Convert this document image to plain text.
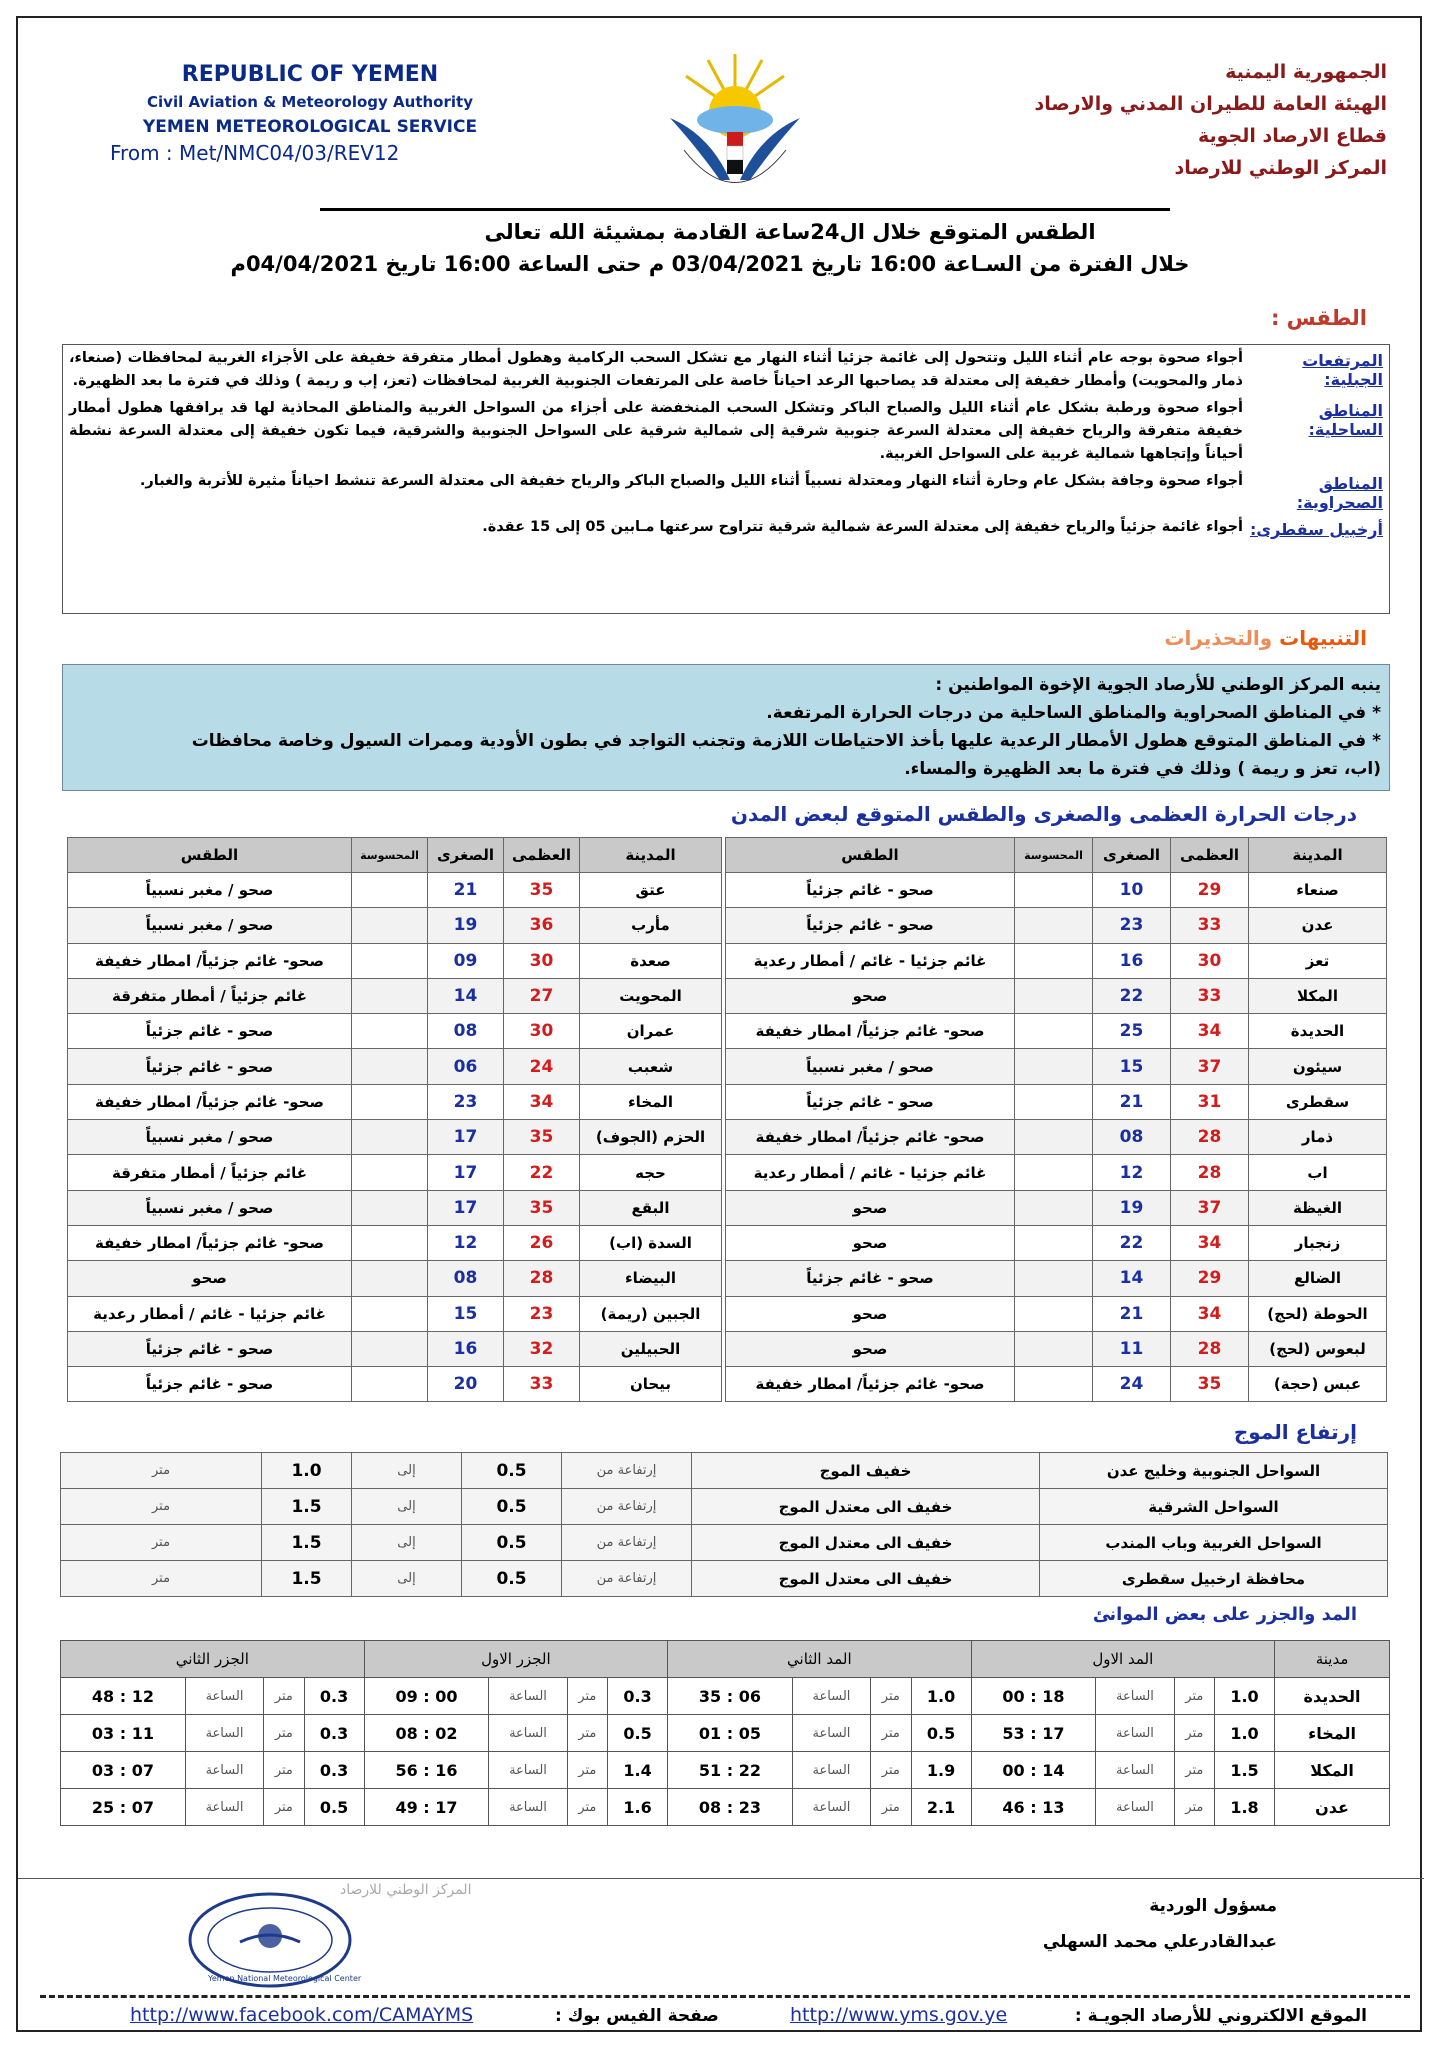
REPUBLIC OF YEMEN
Civil Aviation & Meteorology Authority
YEMEN METEOROLOGICAL SERVICE
From : Met/NMC04/03/REV12
الجمهورية اليمنية
الهيئة العامة للطيران المدني والارصاد
قطاع الارصاد الجوية
المركز الوطني للارصاد
الطقس المتوقع خلال ال24ساعة القادمة بمشيئة الله تعالى
خلال الفترة من السـاعة 16:00 تاريخ 03/04/2021 م حتى الساعة 16:00 تاريخ 04/04/2021م
الطقس :
المرتفعات الجبلية:
أجواء صحوة بوجه عام أثناء الليل وتتحول إلى غائمة جزئيا أثناء النهار مع تشكل السحب الركامية وهطول أمطار متفرقة خفيفة على الأجزاء الغربية لمحافظات (صنعاء، ذمار والمحويت) وأمطار خفيفة إلى معتدلة قد يصاحبها الرعد احياناً خاصة على المرتفعات الجنوبية الغربية لمحافظات (تعز، إب و ريمة ) وذلك في فترة ما بعد الظهيرة.
المناطق الساحلية:
أجواء صحوة ورطبة بشكل عام أثناء الليل والصباح الباكر وتشكل السحب المنخفضة على أجزاء من السواحل الغربية والمناطق المحاذية لها قد يرافقها هطول أمطار خفيفة متفرقة والرياح خفيفة إلى معتدلة السرعة جنوبية شرقية إلى شمالية شرقية على السواحل الجنوبية والشرقية، فيما تكون خفيفة إلى معتدلة السرعة نشطة أحياناً وإتجاهها شمالية غربية على السواحل الغربية.
المناطق الصحراوية:
أجواء صحوة وجافة بشكل عام وحارة أثناء النهار ومعتدلة نسبياً أثناء الليل والصباح الباكر والرياح خفيفة الى معتدلة السرعة تنشط احياناً مثيرة للأتربة والغبار.
أرخبيل سقطرى:
أجواء غائمة جزئياً والرياح خفيفة إلى معتدلة السرعة شمالية شرقية تتراوح سرعتها مـابين 05 إلى 15 عقدة.
التنبيهات والتحذيرات
ينبه المركز الوطني للأرصاد الجوية الإخوة المواطنين :
* في المناطق الصحراوية والمناطق الساحلية من درجات الحرارة المرتفعة.
* في المناطق المتوقع هطول الأمطار الرعدية عليها بأخذ الاحتياطات اللازمة وتجنب التواجد في بطون الأودية وممرات السيول وخاصة محافظات
(اب، تعز و ريمة ) وذلك في فترة ما بعد الظهيرة والمساء.
درجات الحرارة العظمى والصغرى والطقس المتوقع لبعض المدن
المدينة	العظمى	الصغرى	المحسوسة	الطقس
صنعاء	29	10		صحو - غائم جزئياً
عدن	33	23		صحو - غائم جزئياً
تعز	30	16		غائم جزئيا - غائم / أمطار رعدية
المكلا	33	22		صحو
الحديدة	34	25		صحو- غائم جزئياً/ امطار خفيفة
سيئون	37	15		صحو / مغبر نسبياً
سقطرى	31	21		صحو - غائم جزئياً
ذمار	28	08		صحو- غائم جزئياً/ امطار خفيفة
اب	28	12		غائم جزئيا - غائم / أمطار رعدية
الغيظة	37	19		صحو
زنجبار	34	22		صحو
الضالع	29	14		صحو - غائم جزئياً
الحوطة (لحج)	34	21		صحو
لبعوس (لحج)	28	11		صحو
عبس (حجة)	35	24		صحو- غائم جزئياً/ امطار خفيفة
المدينة	العظمى	الصغرى	المحسوسة	الطقس
عتق	35	21		صحو / مغبر نسبياً
مأرب	36	19		صحو / مغبر نسبياً
صعدة	30	09		صحو- غائم جزئياً/ امطار خفيفة
المحويت	27	14		غائم جزئياً / أمطار متفرقة
عمران	30	08		صحو - غائم جزئياً
شعبب	24	06		صحو - غائم جزئياً
المخاء	34	23		صحو- غائم جزئياً/ امطار خفيفة
الحزم (الجوف)	35	17		صحو / مغبر نسبياً
حجه	22	17		غائم جزئياً / أمطار متفرقة
البقع	35	17		صحو / مغبر نسبياً
السدة (اب)	26	12		صحو- غائم جزئياً/ امطار خفيفة
البيضاء	28	08		صحو
الجبين (ريمة)	23	15		غائم جزئيا - غائم / أمطار رعدية
الحبيلين	32	16		صحو - غائم جزئياً
بيحان	33	20		صحو - غائم جزئياً
إرتفاع الموج
السواحل الجنوبية وخليج عدن	خفيف الموج	إرتفاعة من	0.5	إلى	1.0	متر
السواحل الشرقية	خفيف الى معتدل الموج	إرتفاعة من	0.5	إلى	1.5	متر
السواحل الغربية وباب المندب	خفيف الى معتدل الموج	إرتفاعة من	0.5	إلى	1.5	متر
محافظة ارخبيل سقطرى	خفيف الى معتدل الموج	إرتفاعة من	0.5	إلى	1.5	متر
المد والجزر على بعض الموانئ
مدينة	المد الاول				المد الثاني				الجزر الاول				الجزر الثاني			
الحديدة	1.0	متر	الساعة	18 : 00	1.0	متر	الساعة	06 : 35	0.3	متر	الساعة	00 : 09	0.3	متر	الساعة	12 : 48
المخاء	1.0	متر	الساعة	17 : 53	0.5	متر	الساعة	05 : 01	0.5	متر	الساعة	02 : 08	0.3	متر	الساعة	11 : 03
المكلا	1.5	متر	الساعة	14 : 00	1.9	متر	الساعة	22 : 51	1.4	متر	الساعة	16 : 56	0.3	متر	الساعة	07 : 03
عدن	1.8	متر	الساعة	13 : 46	2.1	متر	الساعة	23 : 08	1.6	متر	الساعة	17 : 49	0.5	متر	الساعة	07 : 25
مسؤول الوردية
عبدالقادرعلي محمد السهلي
المركز الوطني للارصاد
Yemen National Meteorological Center
الموقع الالكتروني للأرصاد الجويـة :
http://www.yms.gov.ye
صفحة الفيس بوك :
http://www.facebook.com/CAMAYMS
